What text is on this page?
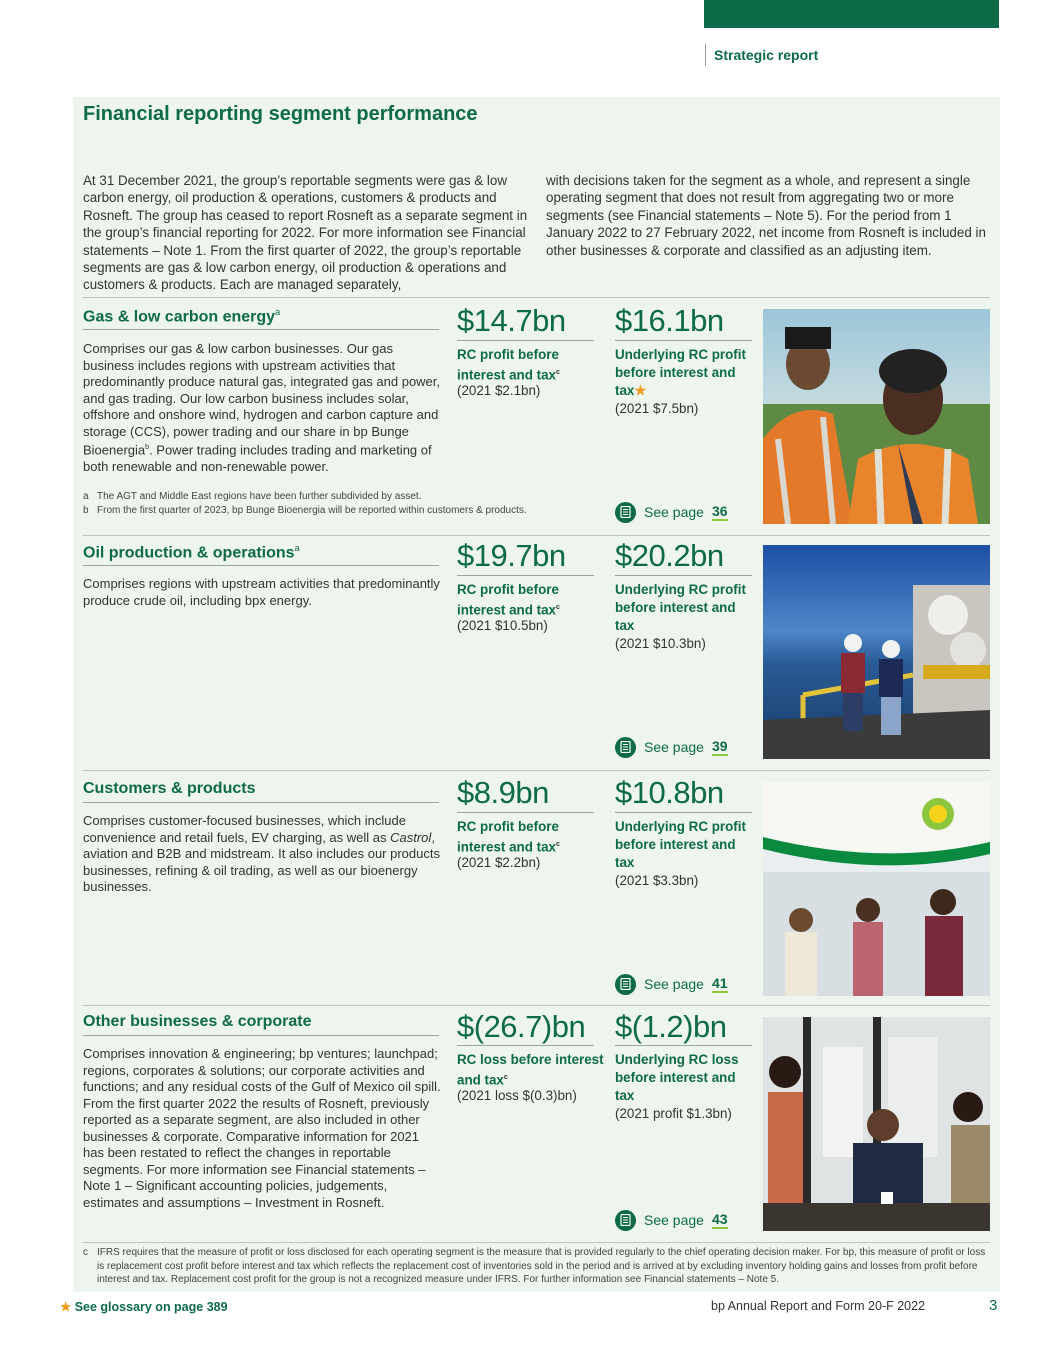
Strategic report
Financial reporting segment performance

At 31 December 2021, the group’s reportable segments were gas & low carbon energy, oil production & operations, customers & products and Rosneft. The group has ceased to report Rosneft as a separate segment in the group’s financial reporting for 2022. For more information see Financial statements – Note 1. From the first quarter of 2022, the group’s reportable segments are gas & low carbon energy, oil production & operations and customers & products. Each are managed separately,

with decisions taken for the segment as a whole, and represent a single operating segment that does not result from aggregating two or more segments (see Financial statements – Note 5). For the period from 1 January 2022 to 27 February 2022, net income from Rosneft is included in other businesses & corporate and classified as an adjusting item.

Gas & low carbon energy$^a$

Comprises our gas & low carbon businesses. Our gas business includes regions with upstream activities that predominantly produce natural gas, integrated gas and power, and gas trading. Our low carbon business includes solar, offshore and onshore wind, hydrogen and carbon capture and storage (CCS), power trading and our share in bp Bunge Bioenergia$^b$. Power trading includes trading and marketing of both renewable and non-renewable power.

$14.7bn
RC profit before interest and tax$^c$
(2021 $2.1bn)
$16.1bn
Underlying RC profit before interest and tax★
(2021 $7.5bn)
a The AGT and Middle East regions have been further subdivided by asset.
b From the first quarter of 2023, bp Bunge Bioenergia will be reported within customers & products.	See page 36
Oil production & operations$^a$

Comprises regions with upstream activities that predominantly produce crude oil, including bpx energy.

$19.7bn
RC profit before interest and tax$^c$
(2021 $10.5bn)
$20.2bn
Underlying RC profit before interest and tax
(2021 $10.3bn)
See page 39
Customers & products

Comprises customer-focused businesses, which include convenience and retail fuels, EV charging, as well as Castrol, aviation and B2B and midstream. It also includes our products businesses, refining & oil trading, as well as our bioenergy businesses.

$8.9bn
RC profit before interest and tax$^c$
(2021 $2.2bn)
$10.8bn
Underlying RC profit before interest and tax
(2021 $3.3bn)
See page 41
Other businesses & corporate

Comprises innovation & engineering; bp ventures; launchpad; regions, corporates & solutions; our corporate activities and functions; and any residual costs of the Gulf of Mexico oil spill. From the first quarter 2022 the results of Rosneft, previously reported as a separate segment, are also included in other businesses & corporate. Comparative information for 2021 has been restated to reflect the changes in reportable segments. For more information see Financial statements – Note 1 – Significant accounting policies, judgements, estimates and assumptions – Investment in Rosneft.

$(26.7)bn
RC loss before interest and tax$^c$
(2021 loss $(0.3)bn)
$(1.2)bn
Underlying RC loss before interest and tax
(2021 profit $1.3bn)
See page 43
c IFRS requires that the measure of profit or loss disclosed for each operating segment is the measure that is provided regularly to the chief operating decision maker. For bp, this measure of profit or loss is replacement cost profit before interest and tax which reflects the replacement cost of inventories sold in the period and is arrived at by excluding inventory holding gains and losses from profit before interest and tax. Replacement cost profit for the group is not a recognized measure under IFRS. For further information see Financial statements – Note 5.
★ See glossary on page 389	bp Annual Report and Form 20-F 2022	3
